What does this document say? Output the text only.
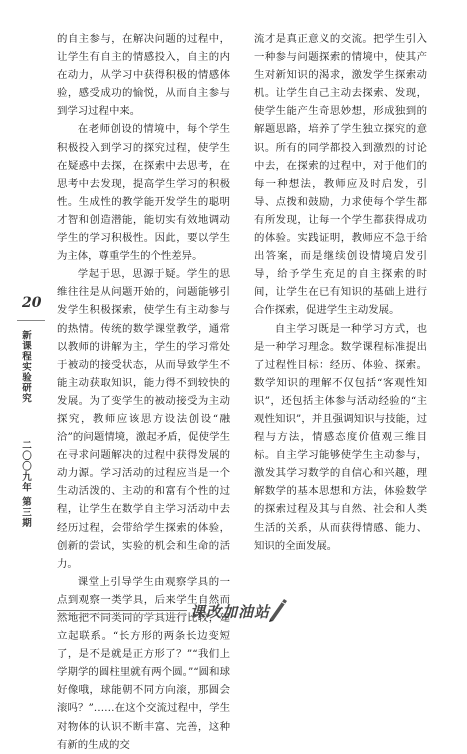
的自主参与，在解决问题的过程中，让学生有自主的情感投入，自主的内在动力，从学习中获得积极的情感体验，感受成功的愉悦，从而自主参与到学习过程中来。

在老师创设的情境中，每个学生积极投入到学习的探究过程，使学生在疑惑中去探，在探索中去思考，在思考中去发现，提高学生学习的积极性。生成性的教学能开发学生的聪明才智和创造潜能，能切实有效地调动学生的学习积极性。因此，要以学生为主体，尊重学生的个性差异。

学起于思，思源于疑。学生的思维往往是从问题开始的，问题能够引发学生积极探索，使学生有主动参与的热情。传统的数学课堂教学，通常以教师的讲解为主，学生的学习常处于被动的接受状态，从而导致学生不能主动获取知识，能力得不到较快的发展。为了变学生的被动接受为主动探究，教师应该思方设法创设“融洽”的问题情境，激起矛盾，促使学生在寻求问题解决的过程中获得发展的动力源。学习活动的过程应当是一个生动活泼的、主动的和富有个性的过程，让学生在数学自主学习活动中去经历过程，会带给学生探索的体验，创新的尝试，实验的机会和生命的活力。

课堂上引导学生由观察学具的一点到观察一类学具，后来学生自然而然地把不同类同的学具进行比较，建立起联系。“长方形的两条长边变短了，是不是就是正方形了？”“我们上学期学的圆柱里就有两个圆。”“圆和球好像哦，球能朝不同方向滚，那圆会滚吗？”……在这个交流过程中，学生对物体的认识不断丰富、完善，这种有新的生成的交

流才是真正意义的交流。把学生引入一种参与问题探索的情境中，使其产生对新知识的渴求，激发学生探索动机。让学生自己主动去探索、发现，使学生能产生奇思妙想，形成独到的解题思路，培养了学生独立探究的意识。所有的同学都投入到激烈的讨论中去，在探索的过程中，对于他们的每一种想法，教师应及时启发，引导、点拨和鼓励，力求使每个学生都有所发现，让每一个学生都获得成功的体验。实践证明，教师应不急于给出答案，而是继续创设情境启发引导，给予学生充足的自主探索的时间，让学生在已有知识的基础上进行合作探索，促进学生主动发展。

自主学习既是一种学习方式，也是一种学习理念。数学课程标准提出了过程性目标：经历、体验、探索。数学知识的理解不仅包括“客观性知识”，还包括主体参与活动经验的“主观性知识”，并且强调知识与技能，过程与方法，情感态度价值观三维目标。自主学习能够使学生主动参与，激发其学习数学的自信心和兴趣，理解数学的基本思想和方法，体验数学的探索过程及其与自然、社会和人类生活的关系，从而获得情感、能力、知识的全面发展。

20
新课程实验研究
二〇〇九年 第三期
课改加油站
